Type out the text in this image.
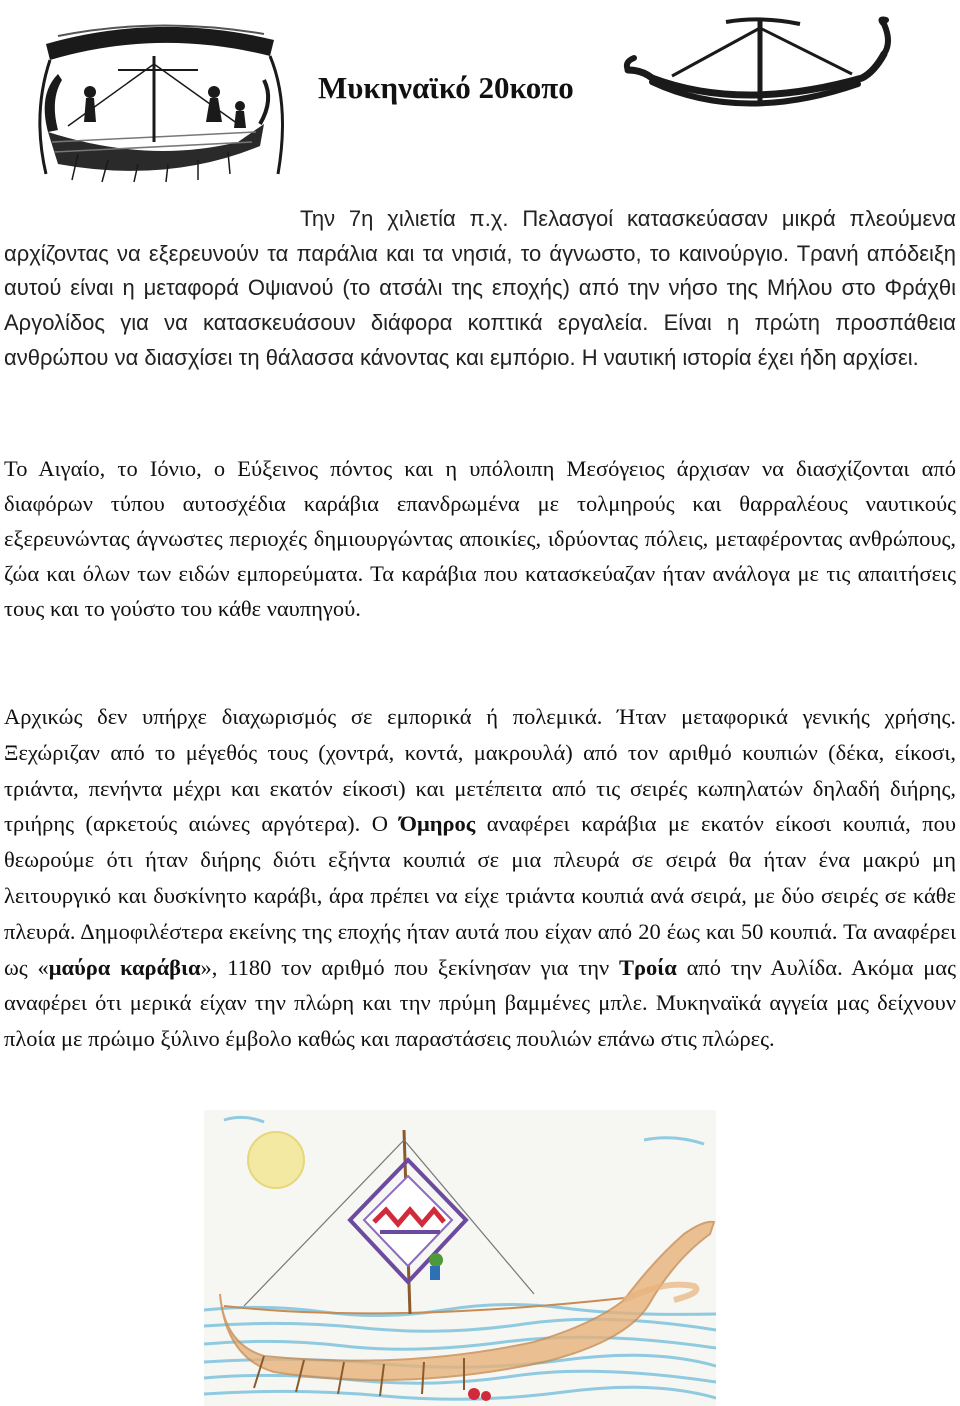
Μυκηναϊκό 20κοπο

Την 7η χιλιετία π.χ. Πελασγοί κατασκεύασαν μικρά πλεούμενα αρχίζοντας να εξερευνούν τα παράλια και τα νησιά, το άγνωστο, το καινούργιο. Τρανή απόδειξη αυτού είναι η μεταφορά Οψιανού (το ατσάλι της εποχής) από την νήσο της Μήλου στο Φράχθι Αργολίδος για να κατασκευάσουν διάφορα κοπτικά εργαλεία. Είναι η πρώτη προσπάθεια ανθρώπου να διασχίσει τη θάλασσα κάνοντας και εμπόριο. Η ναυτική ιστορία έχει ήδη αρχίσει.

Το Αιγαίο, το Ιόνιο, ο Εύξεινος πόντος και η υπόλοιπη Μεσόγειος άρχισαν να διασχίζονται από διαφόρων τύπου αυτοσχέδια καράβια επανδρωμένα με τολμηρούς και θαρραλέους ναυτικούς εξερευνώντας άγνωστες περιοχές δημιουργώντας αποικίες, ιδρύοντας πόλεις, μεταφέροντας ανθρώπους, ζώα και όλων των ειδών εμπορεύματα. Τα καράβια που κατασκεύαζαν ήταν ανάλογα με τις απαιτήσεις τους και το γούστο του κάθε ναυπηγού.

Αρχικώς δεν υπήρχε διαχωρισμός σε εμπορικά ή πολεμικά. Ήταν μεταφορικά γενικής χρήσης. Ξεχώριζαν από το μέγεθός τους (χοντρά, κοντά, μακρουλά) από τον αριθμό κουπιών (δέκα, είκοσι, τριάντα, πενήντα μέχρι και εκατόν είκοσι) και μετέπειτα από τις σειρές κωπηλατών δηλαδή διήρης, τριήρης (αρκετούς αιώνες αργότερα). Ο Όμηρος αναφέρει καράβια με εκατόν είκοσι κουπιά, που θεωρούμε ότι ήταν διήρης διότι εξήντα κουπιά σε μια πλευρά σε σειρά θα ήταν ένα μακρύ μη λειτουργικό και δυσκίνητο καράβι, άρα πρέπει να είχε τριάντα κουπιά ανά σειρά, με δύο σειρές σε κάθε πλευρά. Δημοφιλέστερα εκείνης της εποχής ήταν αυτά που είχαν από 20 έως και 50 κουπιά. Τα αναφέρει ως «μαύρα καράβια», 1180 τον αριθμό που ξεκίνησαν για την Τροία από την Αυλίδα. Ακόμα μας αναφέρει ότι μερικά είχαν την πλώρη και την πρύμη βαμμένες μπλε. Μυκηναϊκά αγγεία μας δείχνουν πλοία με πρώιμο ξύλινο έμβολο καθώς και παραστάσεις πουλιών επάνω στις πλώρες.
